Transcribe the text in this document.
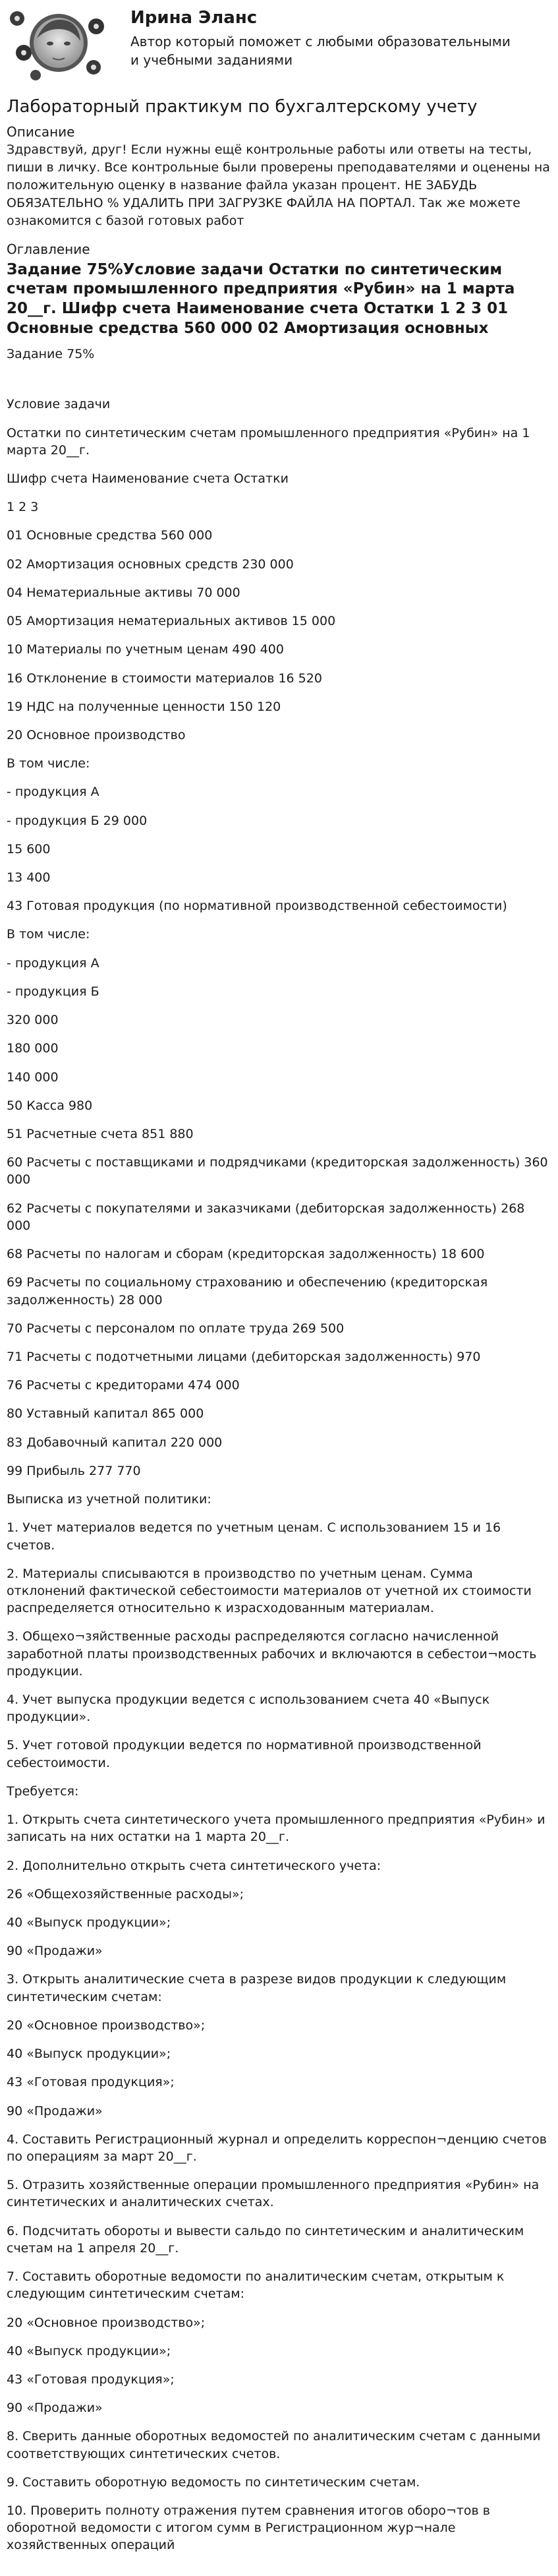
Ирина Эланс
Автор который поможет с любыми образовательными и учебными заданиями
Лабораторный практикум по бухгалтерскому учету
Описание
Здравствуй, друг! Если нужны ещё контрольные работы или ответы на тесты, пиши в личку. Все контрольные были проверены преподавателями и оценены на положительную оценку в название файла указан процент. НЕ ЗАБУДЬ ОБЯЗАТЕЛЬНО % УДАЛИТЬ ПРИ ЗАГРУЗКЕ ФАЙЛА НА ПОРТАЛ. Так же можете ознакомится с базой готовых работ
Оглавление
Задание 75%Условие задачи Остатки по синтетическим счетам промышленного предприятия «Рубин» на 1 марта 20__г. Шифр счета Наименование счета Остатки 1 2 3 01 Основные средства 560 000 02 Амортизация основных
Задание 75%
Условие задачи
Остатки по синтетическим счетам промышленного предприятия «Рубин» на 1 марта 20__г.
Шифр счета Наименование счета Остатки
1 2 3
01 Основные средства 560 000
02 Амортизация основных средств 230 000
04 Нематериальные активы 70 000
05 Амортизация нематериальных активов 15 000
10 Материалы по учетным ценам 490 400
16 Отклонение в стоимости материалов 16 520
19 НДС на полученные ценности 150 120
20 Основное производство
В том числе:
- продукция А
- продукция Б 29 000
15 600
13 400
43 Готовая продукция (по нормативной производственной себестоимости)
В том числе:
- продукция А
- продукция Б
320 000
180 000
140 000
50 Касса 980
51 Расчетные счета 851 880
60 Расчеты с поставщиками и подрядчиками (кредиторская задолженность) 360 000
62 Расчеты с покупателями и заказчиками (дебиторская задолженность) 268 000
68 Расчеты по налогам и сборам (кредиторская задолженность) 18 600
69 Расчеты по социальному страхованию и обеспечению (кредиторская задолженность) 28 000
70 Расчеты с персоналом по оплате труда 269 500
71 Расчеты с подотчетными лицами (дебиторская задолженность) 970
76 Расчеты с кредиторами 474 000
80 Уставный капитал 865 000
83 Добавочный капитал 220 000
99 Прибыль 277 770
Выписка из учетной политики:
1. Учет материалов ведется по учетным ценам. С использованием 15 и 16 счетов.
2. Материалы списываются в производство по учетным ценам. Сумма отклонений фактической себестоимости материалов от учетной их стоимости распределяется относительно к израсходованным материалам.
3. Общехо¬зяйственные расходы распределяются согласно начисленной заработной платы производственных рабочих и включаются в себестои¬мость продукции.
4. Учет выпуска продукции ведется с использованием счета 40 «Выпуск продукции».
5. Учет готовой продукции ведется по нормативной производственной себестоимости.
Требуется:
1. Открыть счета синтетического учета промышленного предприятия «Рубин» и записать на них остатки на 1 марта 20__г.
2. Дополнительно открыть счета синтетического учета:
26 «Общехозяйственные расходы»;
40 «Выпуск продукции»;
90 «Продажи»
3. Открыть аналитические счета в разрезе видов продукции к следующим синтетическим счетам:
20 «Основное производство»;
40 «Выпуск продукции»;
43 «Готовая продукция»;
90 «Продажи»
4. Составить Регистрационный журнал и определить корреспон¬денцию счетов по операциям за март 20__г.
5. Отразить хозяйственные операции промышленного предприятия «Рубин» на синтетических и аналитических счетах.
6. Подсчитать обороты и вывести сальдо по синтетическим и аналитическим счетам на 1 апреля 20__г.
7. Составить оборотные ведомости по аналитическим счетам, открытым к следующим синтетическим счетам:
20 «Основное производство»;
40 «Выпуск продукции»;
43 «Готовая продукция»;
90 «Продажи»
8. Сверить данные оборотных ведомостей по аналитическим счетам с данными соответствующих синтетических счетов.
9. Составить оборотную ведомость по синтетическим счетам.
10. Проверить полноту отражения путем сравнения итогов оборо¬тов в оборотной ведомости с итогом сумм в Регистрационном жур¬нале хозяйственных операций
